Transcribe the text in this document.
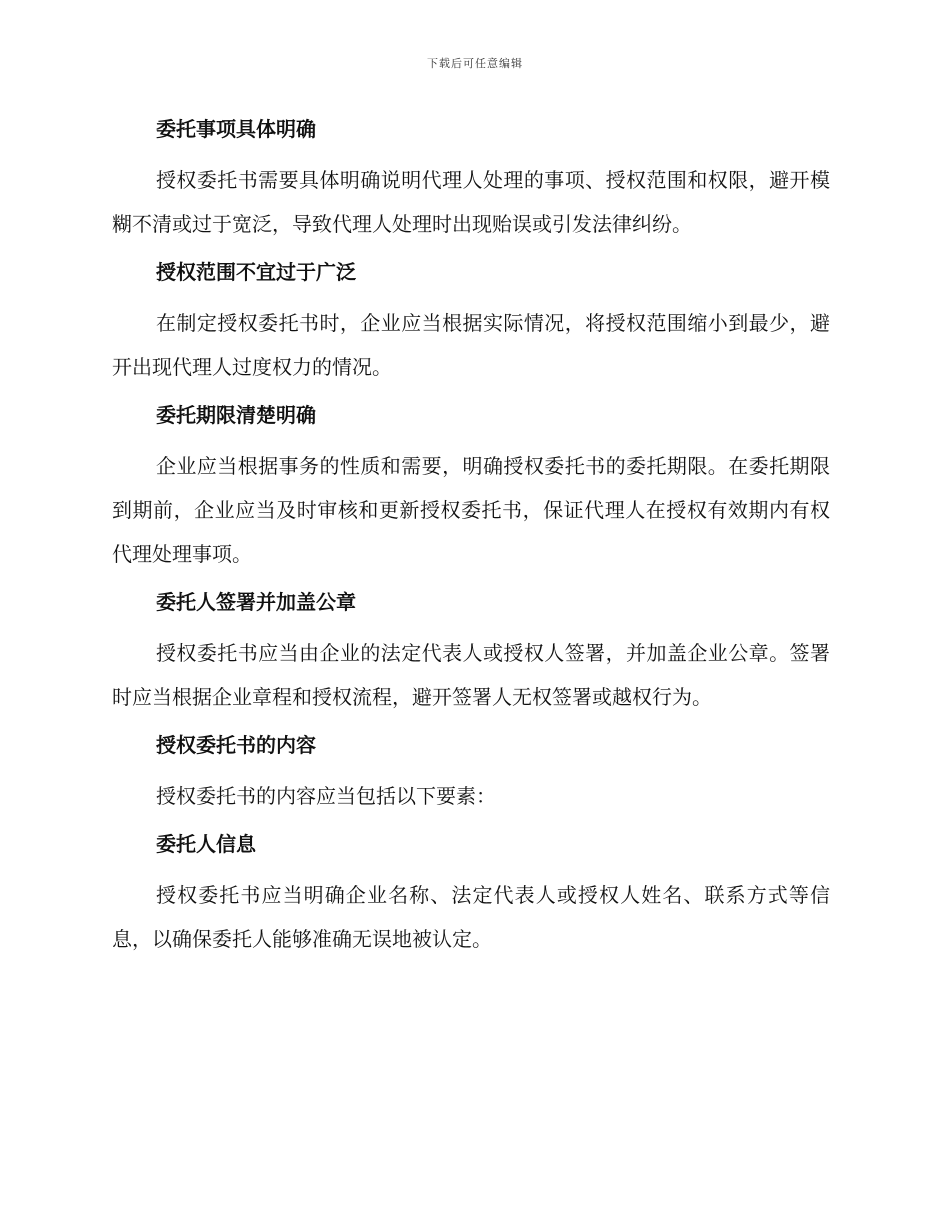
下载后可任意编辑
委托事项具体明确

授权委托书需要具体明确说明代理人处理的事项、授权范围和权限，避开模糊不清或过于宽泛，导致代理人处理时出现贻误或引发法律纠纷。

授权范围不宜过于广泛

在制定授权委托书时，企业应当根据实际情况，将授权范围缩小到最少，避开出现代理人过度权力的情况。

委托期限清楚明确

企业应当根据事务的性质和需要，明确授权委托书的委托期限。在委托期限到期前，企业应当及时审核和更新授权委托书，保证代理人在授权有效期内有权代理处理事项。

委托人签署并加盖公章

授权委托书应当由企业的法定代表人或授权人签署，并加盖企业公章。签署时应当根据企业章程和授权流程，避开签署人无权签署或越权行为。

授权委托书的内容

授权委托书的内容应当包括以下要素：

委托人信息

授权委托书应当明确企业名称、法定代表人或授权人姓名、联系方式等信息，以确保委托人能够准确无误地被认定。
